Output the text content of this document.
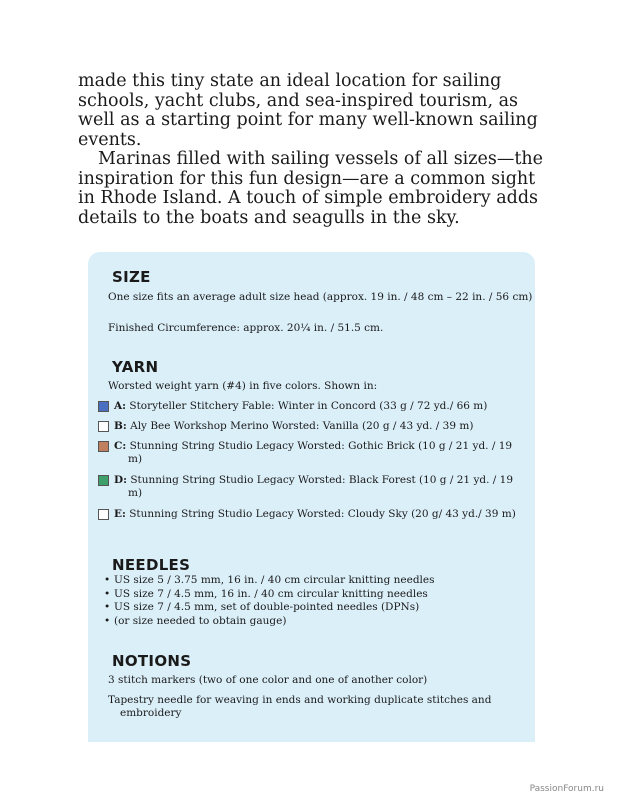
made this tiny state an ideal location for sailing schools, yacht clubs, and sea-inspired tourism, as well as a starting point for many well-known sailing events.

Marinas filled with sailing vessels of all sizes—the inspiration for this fun design—are a common sight in Rhode Island. A touch of simple embroidery adds details to the boats and seagulls in the sky.

SIZE
One size fits an average adult size head (approx. 19 in. / 48 cm – 22 in. / 56 cm)
Finished Circumference: approx. 20¼ in. / 51.5 cm.
YARN
Worsted weight yarn (#4) in five colors. Shown in:
A: Storyteller Stitchery Fable: Winter in Concord (33 g / 72 yd./ 66 m)
B: Aly Bee Workshop Merino Worsted: Vanilla (20 g / 43 yd. / 39 m)
C: Stunning String Studio Legacy Worsted: Gothic Brick (10 g / 21 yd. / 19 m)
D: Stunning String Studio Legacy Worsted: Black Forest (10 g / 21 yd. / 19 m)
E: Stunning String Studio Legacy Worsted: Cloudy Sky (20 g/ 43 yd./ 39 m)
NEEDLES
• US size 5 / 3.75 mm, 16 in. / 40 cm circular knitting needles
• US size 7 / 4.5 mm, 16 in. / 40 cm circular knitting needles
• US size 7 / 4.5 mm, set of double-pointed needles (DPNs)
• (or size needed to obtain gauge)
NOTIONS
3 stitch markers (two of one color and one of another color)
Tapestry needle for weaving in ends and working duplicate stitches and embroidery
PassionForum.ru
